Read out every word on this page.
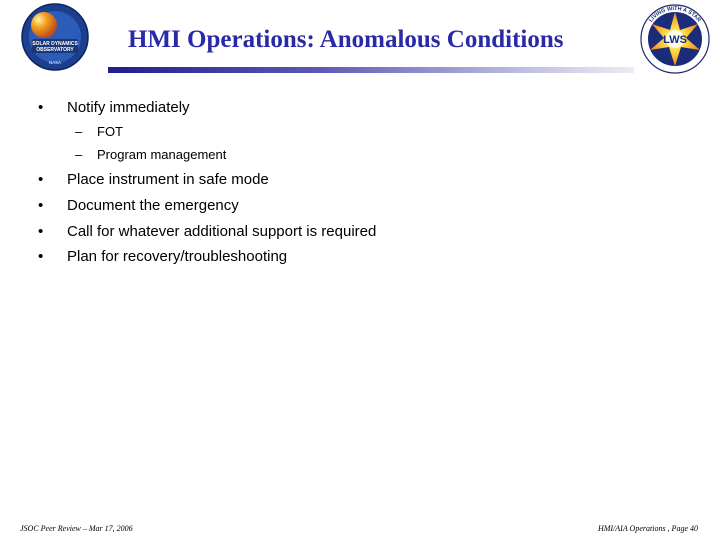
SOLAR DYNAMICS
OBSERVATORY
NASA
LWS
LIVING WITH A STAR
HMI Operations: Anomalous Conditions
• Notify immediately
– FOT
– Program management
• Place instrument in safe mode
• Document the emergency
• Call for whatever additional support is required
• Plan for recovery/troubleshooting
JSOC Peer Review – Mar 17, 2006	HMI/AIA Operations , Page 40
